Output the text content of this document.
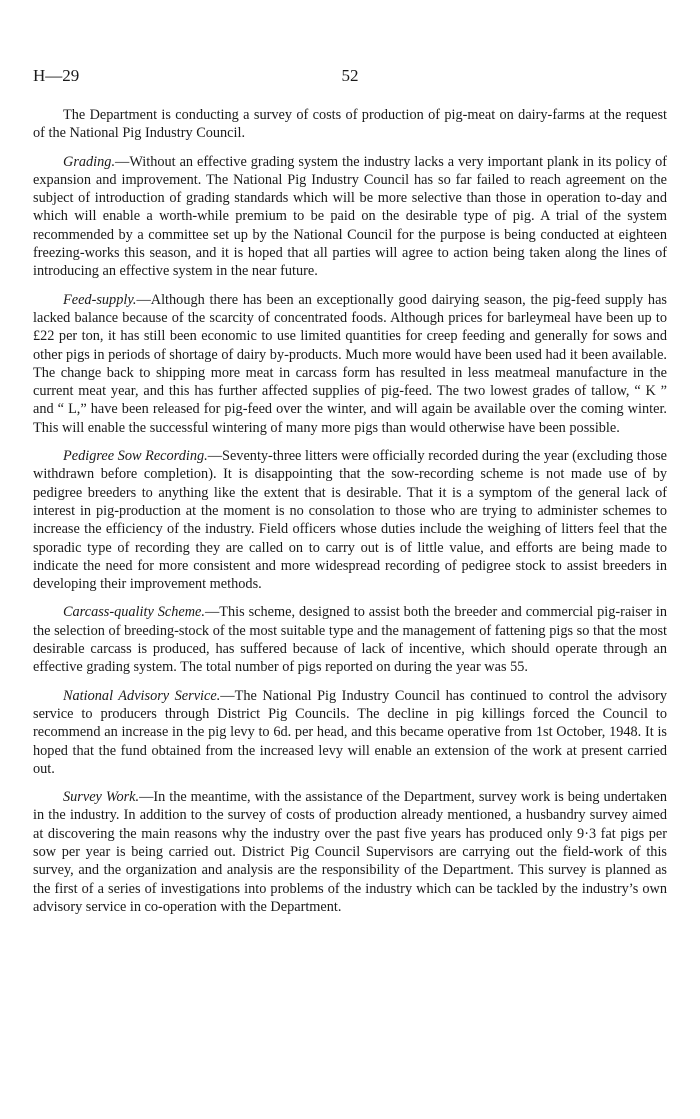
H—29	52

The Department is conducting a survey of costs of production of pig-meat on dairy-farms at the request of the National Pig Industry Council.

Grading.—Without an effective grading system the industry lacks a very important plank in its policy of expansion and improvement. The National Pig Industry Council has so far failed to reach agreement on the subject of introduction of grading standards which will be more selective than those in operation to-day and which will enable a worth-while premium to be paid on the desirable type of pig. A trial of the system recommended by a committee set up by the National Council for the purpose is being conducted at eighteen freezing-works this season, and it is hoped that all parties will agree to action being taken along the lines of introducing an effective system in the near future.

Feed-supply.—Although there has been an exceptionally good dairying season, the pig-feed supply has lacked balance because of the scarcity of concentrated foods. Although prices for barleymeal have been up to £22 per ton, it has still been economic to use limited quantities for creep feeding and generally for sows and other pigs in periods of shortage of dairy by-products. Much more would have been used had it been available. The change back to shipping more meat in carcass form has resulted in less meatmeal manufacture in the current meat year, and this has further affected supplies of pig-feed. The two lowest grades of tallow, “ K ” and “ L,” have been released for pig-feed over the winter, and will again be available over the coming winter. This will enable the successful wintering of many more pigs than would otherwise have been possible.

Pedigree Sow Recording.—Seventy-three litters were officially recorded during the year (excluding those withdrawn before completion). It is disappointing that the sow-recording scheme is not made use of by pedigree breeders to anything like the extent that is desirable. That it is a symptom of the general lack of interest in pig-production at the moment is no consolation to those who are trying to administer schemes to increase the efficiency of the industry. Field officers whose duties include the weighing of litters feel that the sporadic type of recording they are called on to carry out is of little value, and efforts are being made to indicate the need for more consistent and more widespread recording of pedigree stock to assist breeders in developing their improvement methods.

Carcass-quality Scheme.—This scheme, designed to assist both the breeder and commercial pig-raiser in the selection of breeding-stock of the most suitable type and the management of fattening pigs so that the most desirable carcass is produced, has suffered because of lack of incentive, which should operate through an effective grading system. The total number of pigs reported on during the year was 55.

National Advisory Service.—The National Pig Industry Council has continued to control the advisory service to producers through District Pig Councils. The decline in pig killings forced the Council to recommend an increase in the pig levy to 6d. per head, and this became operative from 1st October, 1948. It is hoped that the fund obtained from the increased levy will enable an extension of the work at present carried out.

Survey Work.—In the meantime, with the assistance of the Department, survey work is being undertaken in the industry. In addition to the survey of costs of production already mentioned, a husbandry survey aimed at discovering the main reasons why the industry over the past five years has produced only 9·3 fat pigs per sow per year is being carried out. District Pig Council Supervisors are carrying out the field-work of this survey, and the organization and analysis are the responsibility of the Department. This survey is planned as the first of a series of investigations into problems of the industry which can be tackled by the industry’s own advisory service in co-operation with the Department.
